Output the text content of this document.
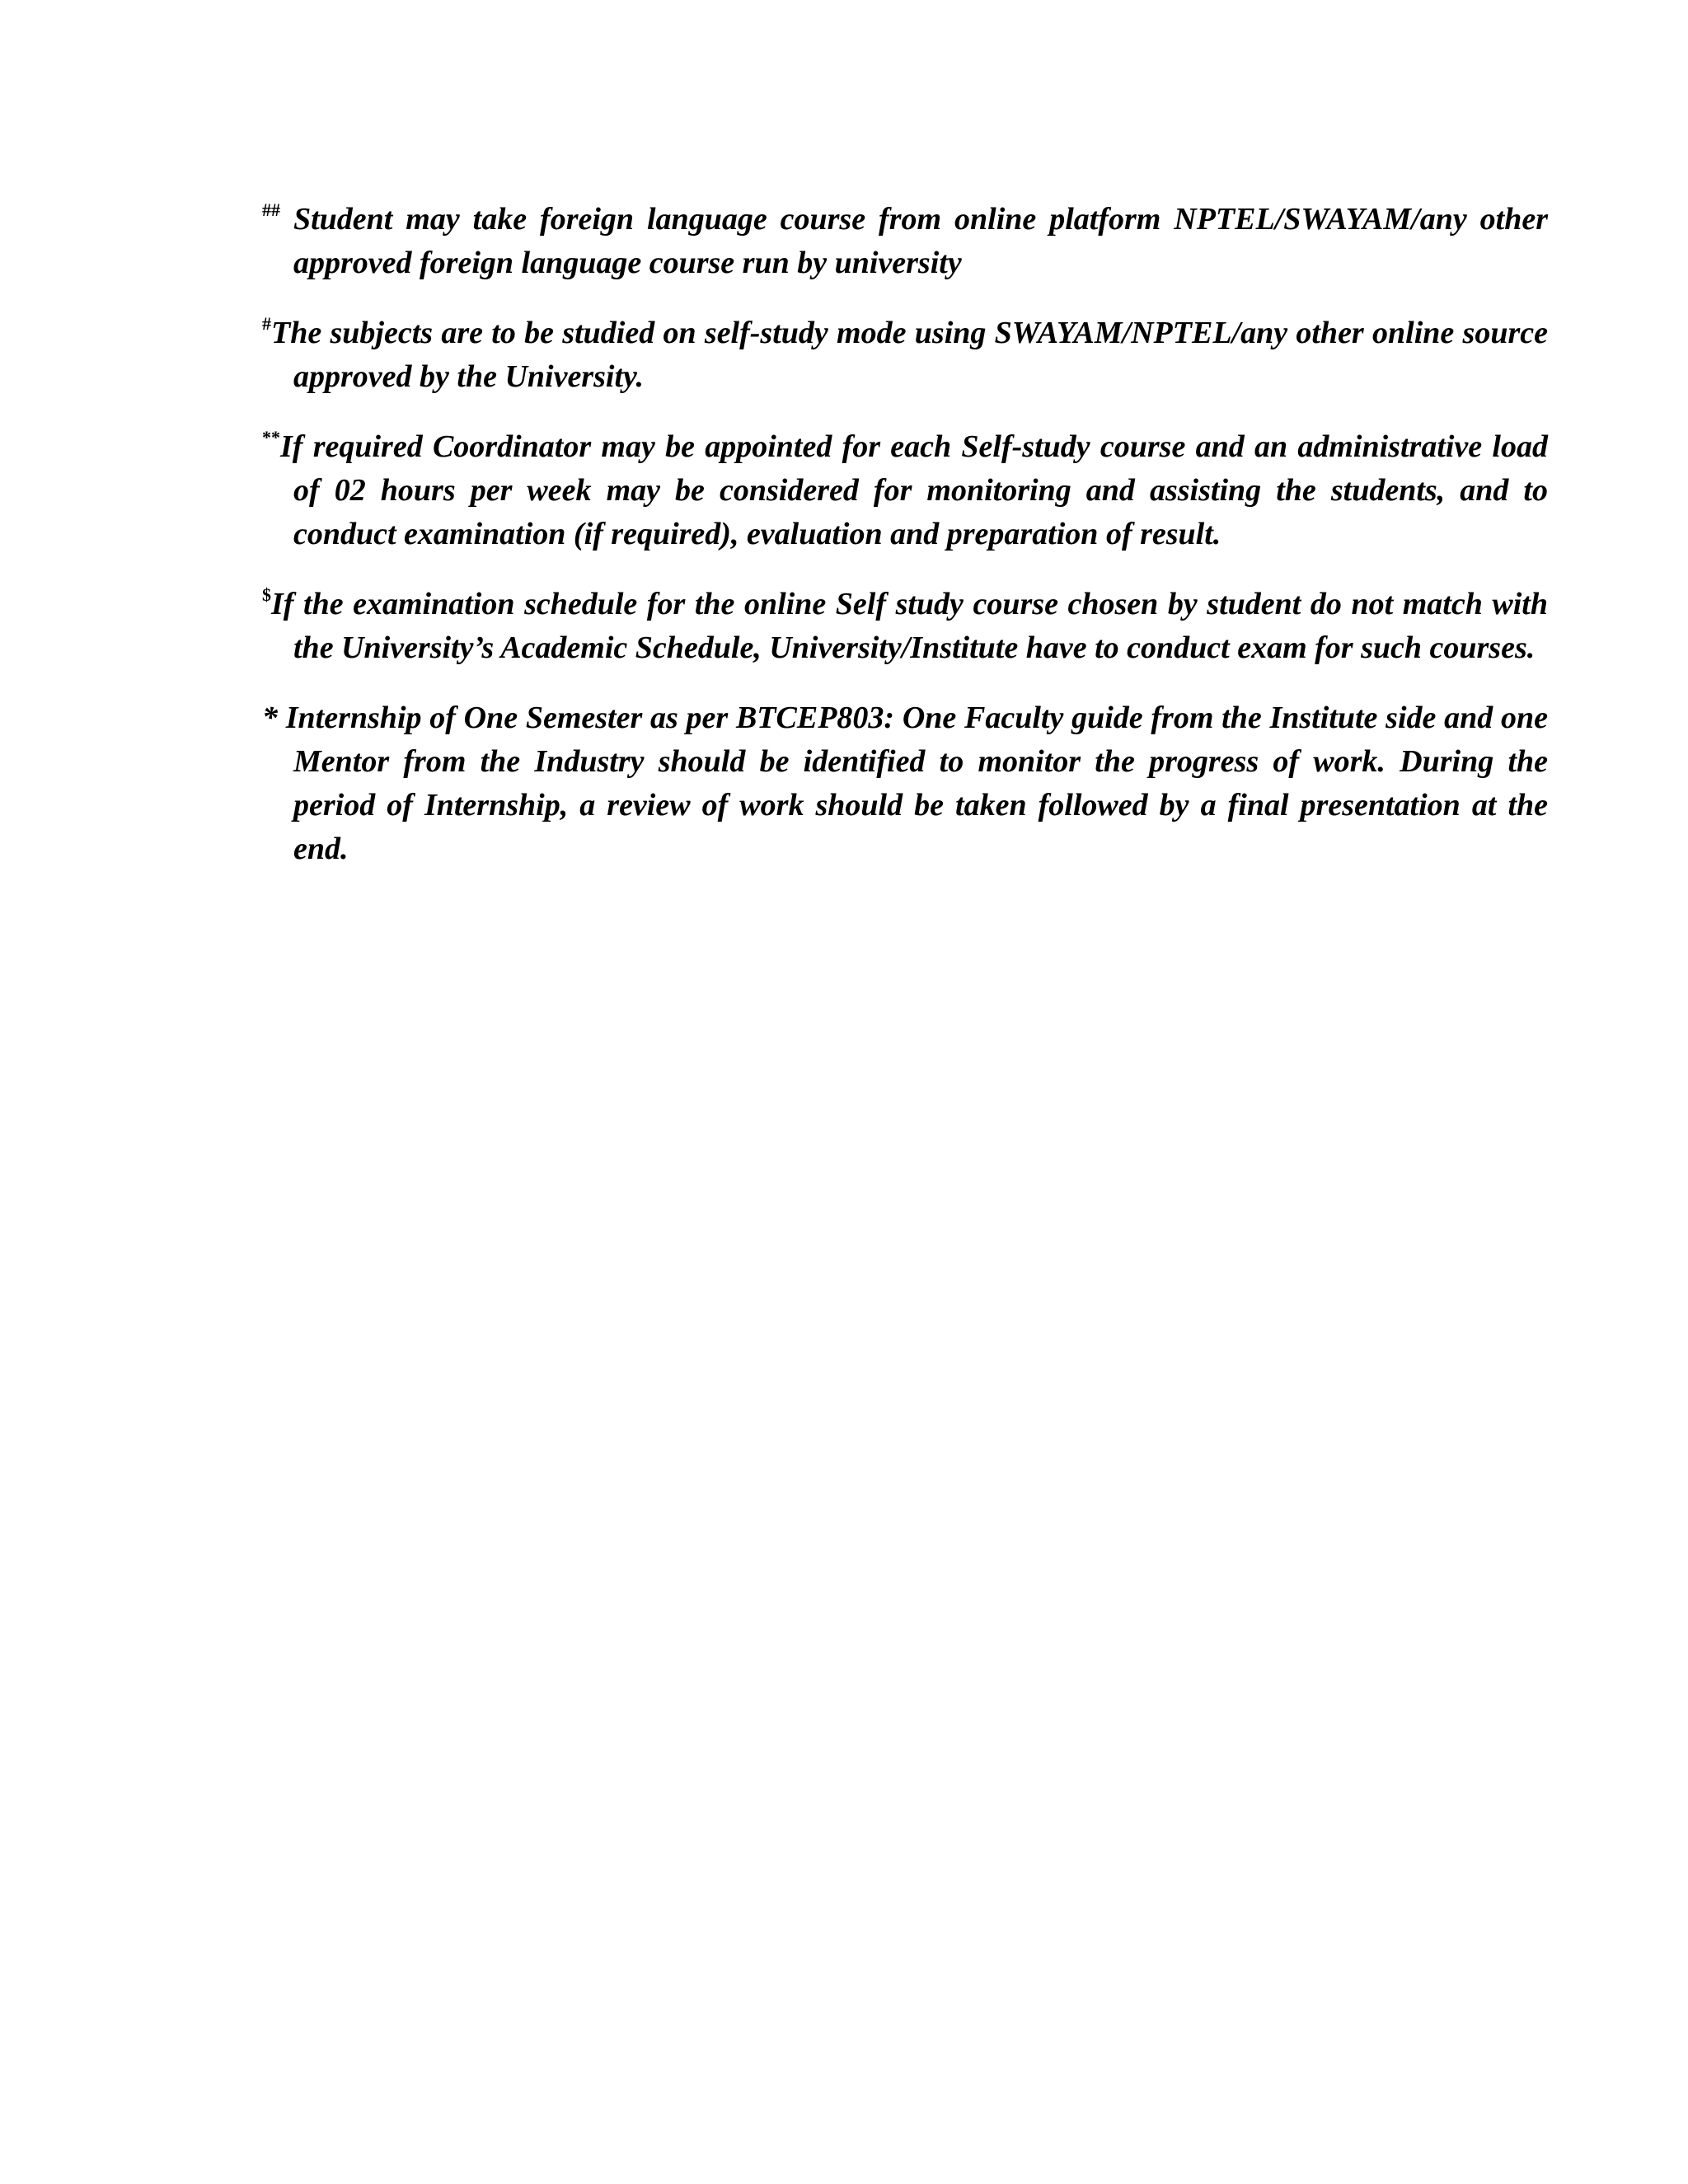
## Student may take foreign language course from online platform NPTEL/SWAYAM/any other approved foreign language course run by university

#The subjects are to be studied on self-study mode using SWAYAM/NPTEL/any other online source approved by the University.

**If required Coordinator may be appointed for each Self-study course and an administrative load of 02 hours per week may be considered for monitoring and assisting the students, and to conduct examination (if required), evaluation and preparation of result.

$If the examination schedule for the online Self study course chosen by student do not match with the University’s Academic Schedule, University/Institute have to conduct exam for such courses.

* Internship of One Semester as per BTCEP803: One Faculty guide from the Institute side and one Mentor from the Industry should be identified to monitor the progress of work. During the period of Internship, a review of work should be taken followed by a final presentation at the end.
